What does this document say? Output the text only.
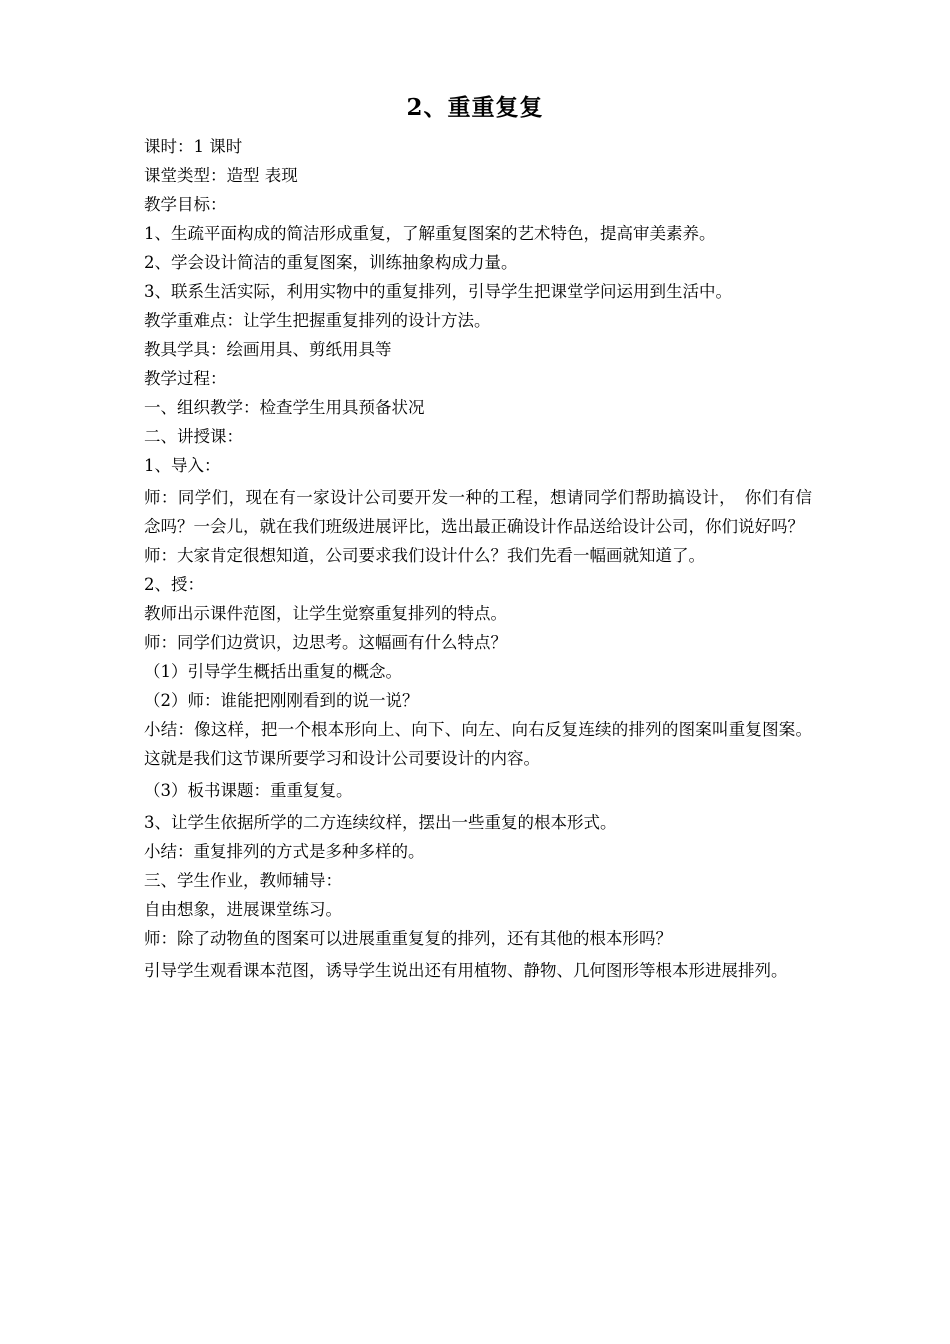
2、重重复复
课时：1 课时
课堂类型：造型 表现
教学目标：
1、生疏平面构成的简洁形成重复，了解重复图案的艺术特色，提高审美素养。
2、学会设计简洁的重复图案，训练抽象构成力量。
3、联系生活实际，利用实物中的重复排列，引导学生把课堂学问运用到生活中。
教学重难点：让学生把握重复排列的设计方法。
教具学具：绘画用具、剪纸用具等
教学过程：
一、组织教学：检查学生用具预备状况
二、讲授课：
1、导入：
师：同学们，现在有一家设计公司要开发一种的工程，想请同学们帮助搞设计，　你们有信念吗？一会儿，就在我们班级进展评比，选出最正确设计作品送给设计公司，你们说好吗？
师：大家肯定很想知道，公司要求我们设计什么？我们先看一幅画就知道了。
2、授：
教师出示课件范图，让学生觉察重复排列的特点。
师：同学们边赏识，边思考。这幅画有什么特点？
（1）引导学生概括出重复的概念。
（2）师：谁能把刚刚看到的说一说？
小结：像这样，把一个根本形向上、向下、向左、向右反复连续的排列的图案叫重复图案。这就是我们这节课所要学习和设计公司要设计的内容。
（3）板书课题：重重复复。
3、让学生依据所学的二方连续纹样，摆出一些重复的根本形式。
小结：重复排列的方式是多种多样的。
三、学生作业，教师辅导：
自由想象，进展课堂练习。
师：除了动物鱼的图案可以进展重重复复的排列，还有其他的根本形吗？
引导学生观看课本范图，诱导学生说出还有用植物、静物、几何图形等根本形进展排列。
